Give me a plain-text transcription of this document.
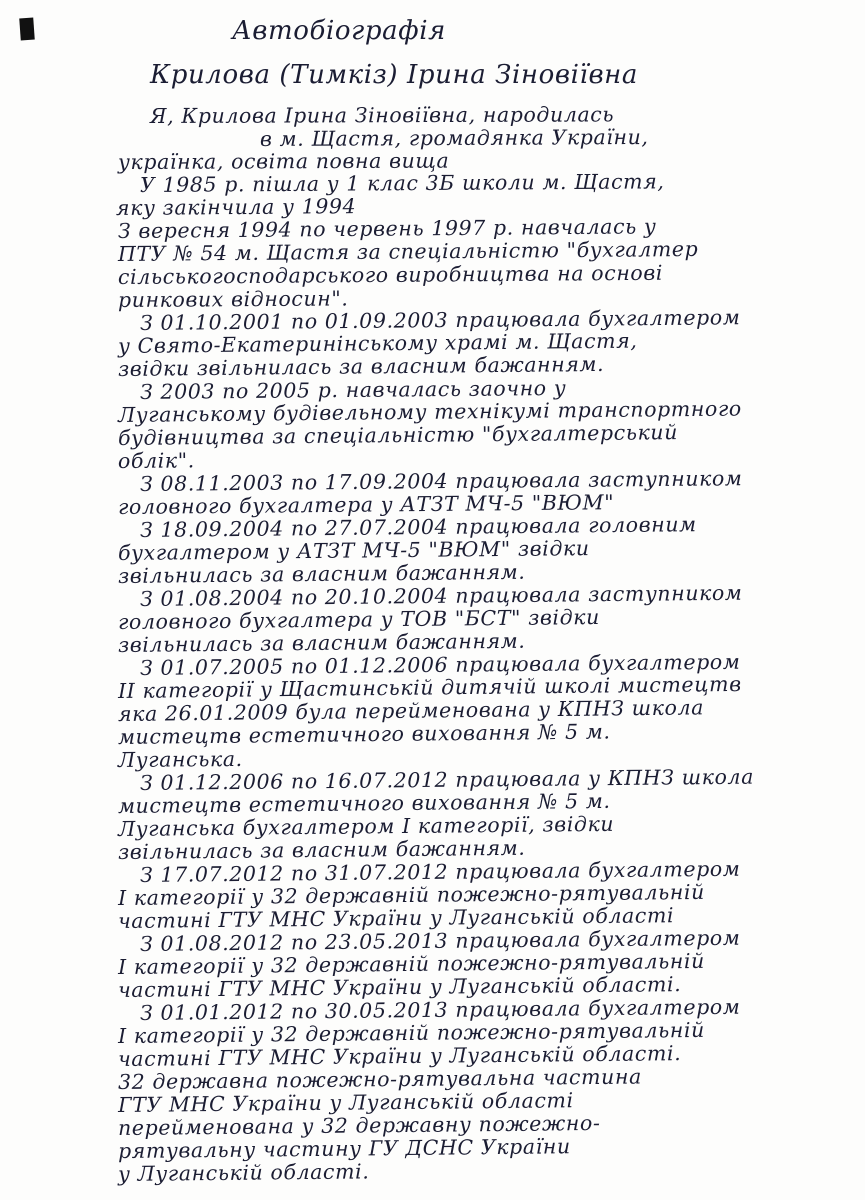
Автобіографія
Крилова (Тимкіз) Ірина Зіновіївна
Я, Крилова Ірина Зіновіївна, народилась
в м. Щастя, громадянка України,
українка, освіта повна вища
У 1985 р. пішла у 1 клас 3Б школи м. Щастя,
яку закінчила у 1994
З вересня 1994 по червень 1997 р. навчалась у
ПТУ № 54 м. Щастя за спеціальністю "бухгалтер
сільськогосподарського виробництва на основі
ринкових відносин".
З 01.10.2001 по 01.09.2003 працювала бухгалтером
у Свято-Екатеринінському храмі м. Щастя,
звідки звільнилась за власним бажанням.
З 2003 по 2005 р. навчалась заочно у
Луганському будівельному технікумі транспортного
будівництва за спеціальністю "бухгалтерський
облік".
З 08.11.2003 по 17.09.2004 працювала заступником
головного бухгалтера у АТЗТ МЧ-5 "ВЮМ"
З 18.09.2004 по 27.07.2004 працювала головним
бухгалтером у АТЗТ МЧ-5 "ВЮМ" звідки
звільнилась за власним бажанням.
З 01.08.2004 по 20.10.2004 працювала заступником
головного бухгалтера у ТОВ "БСТ" звідки
звільнилась за власним бажанням.
З 01.07.2005 по 01.12.2006 працювала бухгалтером
II категорії у Щастинській дитячій школі мистецтв
яка 26.01.2009 була перейменована у КПНЗ школа
мистецтв естетичного виховання № 5 м.
Луганська.
З 01.12.2006 по 16.07.2012 працювала у КПНЗ школа
мистецтв естетичного виховання № 5 м.
Луганська бухгалтером I категорії, звідки
звільнилась за власним бажанням.
З 17.07.2012 по 31.07.2012 працювала бухгалтером
I категорії у 32 державній пожежно-рятувальній
частині ГТУ МНС України у Луганській області
З 01.08.2012 по 23.05.2013 працювала бухгалтером
I категорії у 32 державній пожежно-рятувальній
частині ГТУ МНС України у Луганській області.
З 01.01.2012 по 30.05.2013 працювала бухгалтером
I категорії у 32 державній пожежно-рятувальній
частині ГТУ МНС України у Луганській області.
32 державна пожежно-рятувальна частина
ГТУ МНС України у Луганській області
перейменована у 32 державну пожежно-
рятувальну частину ГУ ДСНС України
у Луганській області.
